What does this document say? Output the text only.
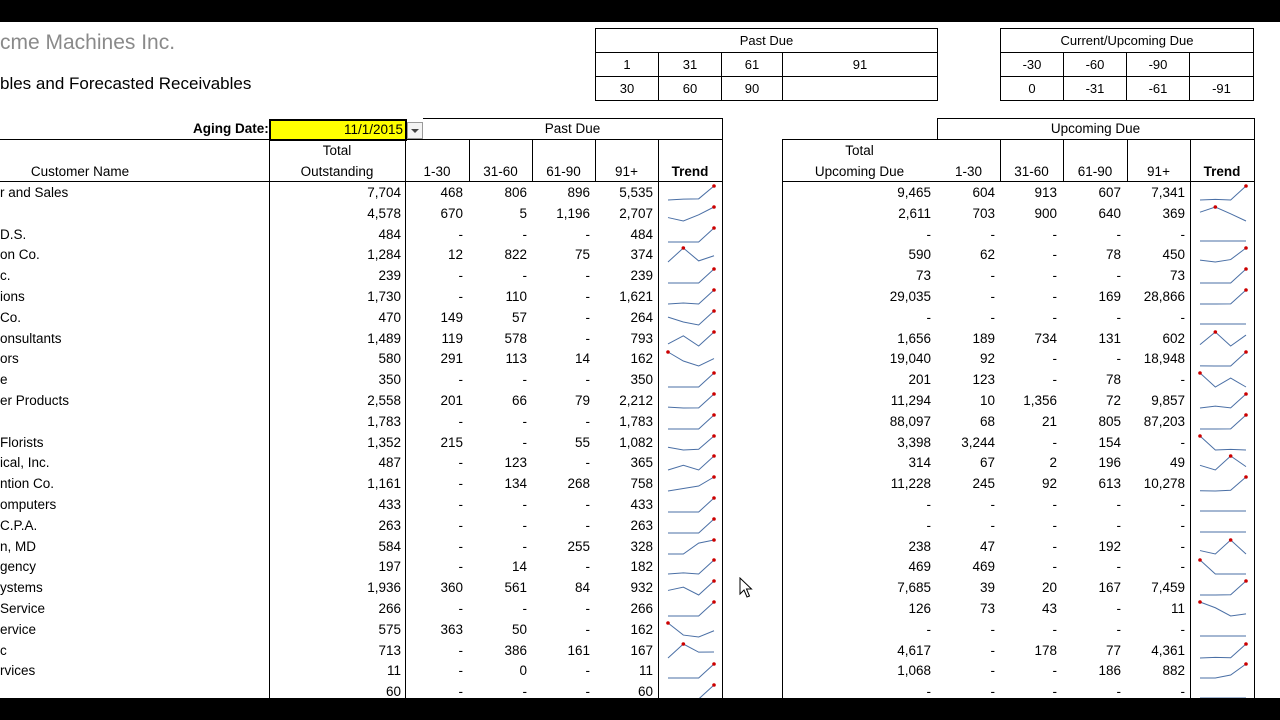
cme Machines Inc.
bles and Forecasted Receivables
Past Due			
1	31	61	91
30	60	90	
Current/Upcoming Due			
-30	-60	-90	
0	-31	-61	-91
Aging Date:	11/1/2015	Past Due	Upcoming Due
Customer Name
Total
Outstanding	1-30	31-60	61-90	91+	Trend
Total
Upcoming Due	1-30	31-60	61-90	91+	Trend
r and Sales	7,704	468	806	896	5,535	9,465	604	913	607	7,341
4,578	670	5	1,196	2,707	2,611	703	900	640	369
D.S.	484	-	-	-	484	-	-	-	-	-
on Co.	1,284	12	822	75	374	590	62	-	78	450
c.	239	-	-	-	239	73	-	-	-	73
ions	1,730	-	110	-	1,621	29,035	-	-	169	28,866
Co.	470	149	57	-	264	-	-	-	-	-
onsultants	1,489	119	578	-	793	1,656	189	734	131	602
ors	580	291	113	14	162	19,040	92	-	-	18,948
e	350	-	-	-	350	201	123	-	78	-
er Products	2,558	201	66	79	2,212	11,294	10	1,356	72	9,857
1,783	-	-	-	1,783	88,097	68	21	805	87,203
Florists	1,352	215	-	55	1,082	3,398	3,244	-	154	-
ical, Inc.	487	-	123	-	365	314	67	2	196	49
ntion Co.	1,161	-	134	268	758	11,228	245	92	613	10,278
omputers	433	-	-	-	433	-	-	-	-	-
C.P.A.	263	-	-	-	263	-	-	-	-	-
n, MD	584	-	-	255	328	238	47	-	192	-
gency	197	-	14	-	182	469	469	-	-	-
ystems	1,936	360	561	84	932	7,685	39	20	167	7,459
Service	266	-	-	-	266	126	73	43	-	11
ervice	575	363	50	-	162	-	-	-	-	-
c	713	-	386	161	167	4,617	-	178	77	4,361
rvices	11	-	0	-	11	1,068	-	-	186	882
60	-	-	-	60	-	-	-	-	-
